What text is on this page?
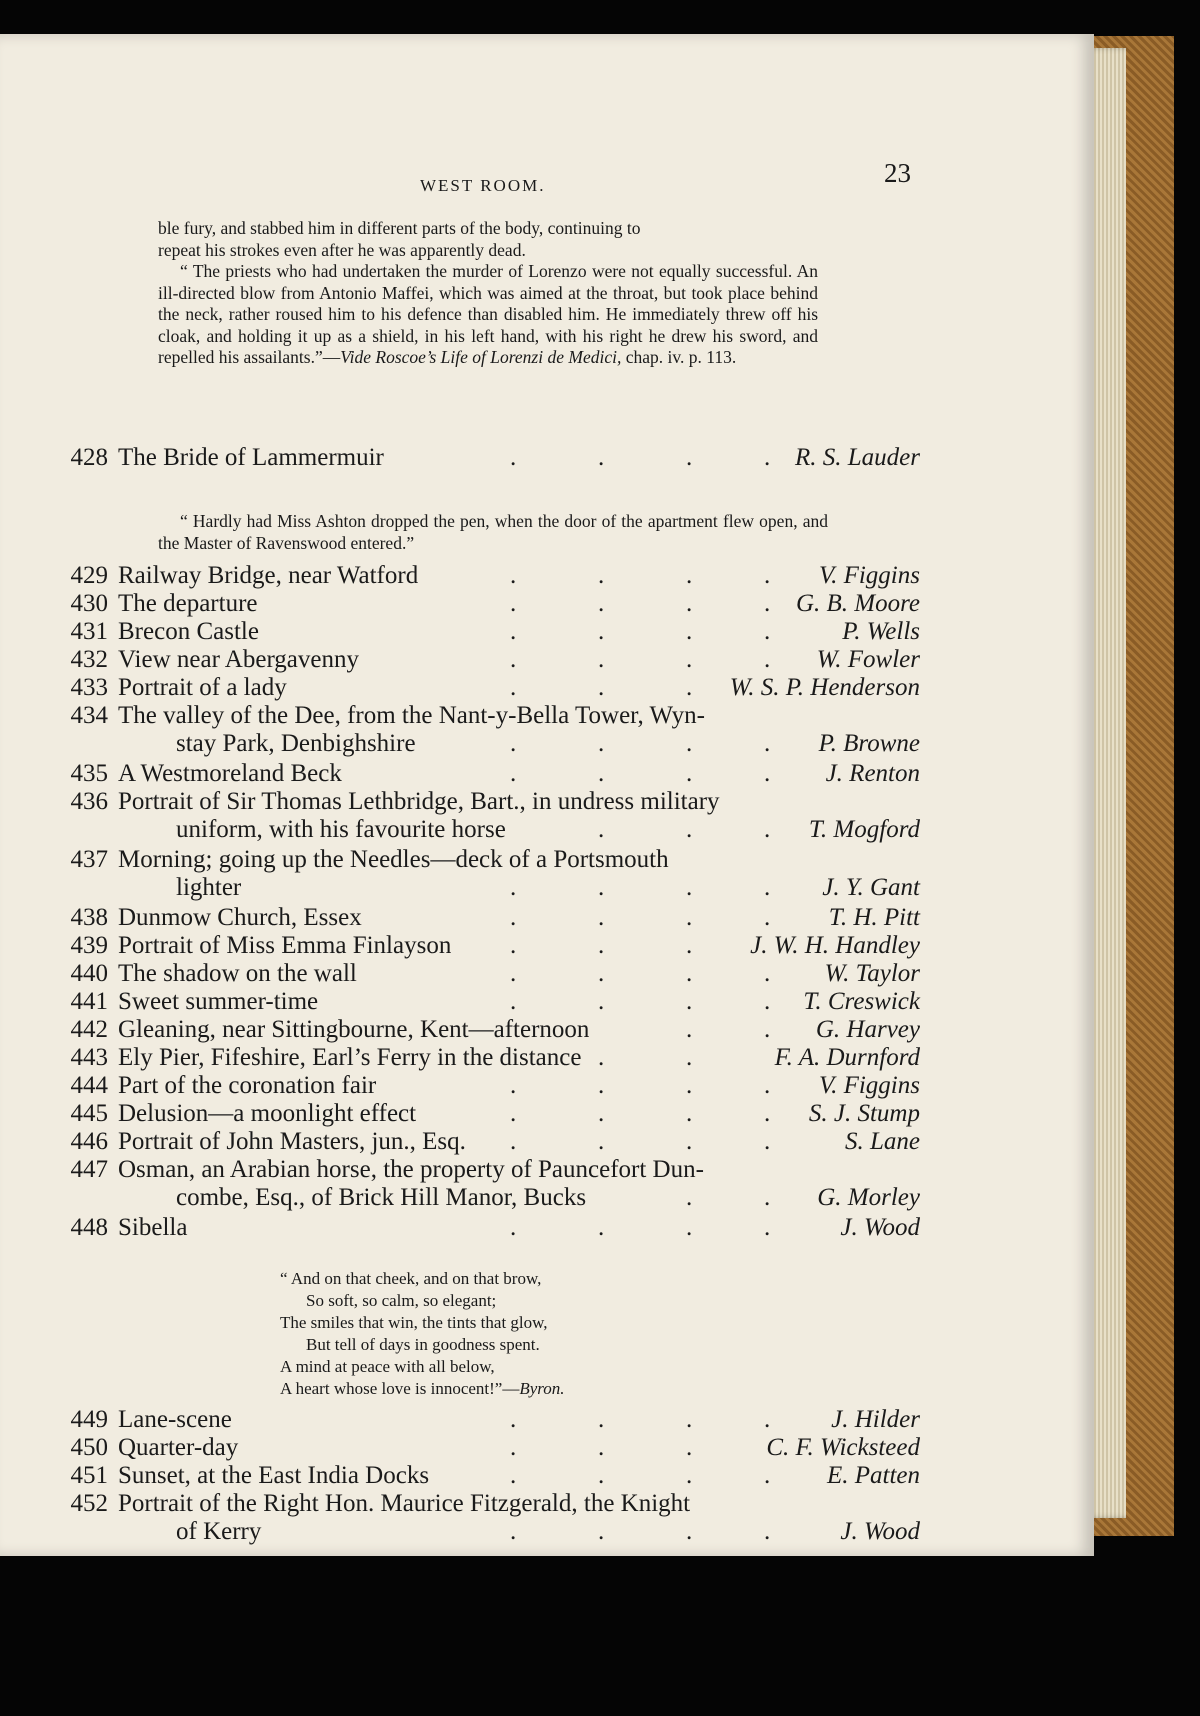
WEST ROOM.	23

ble fury, and stabbed him in different parts of the body, continuing to

repeat his strokes even after he was apparently dead.

“ The priests who had undertaken the murder of Lorenzo were not equally successful. An ill-directed blow from Antonio Maffei, which was aimed at the throat, but took place behind the neck, rather roused him to his defence than disabled him. He immediately threw off his cloak, and holding it up as a shield, in his left hand, with his right he drew his sword, and repelled his assailants.”—Vide Roscoe’s Life of Lorenzi de Medici, chap. iv. p. 113.

428 The Bride of Lammermuir	R. S. Lauder
.	.	.	.
429 Railway Bridge, near Watford	V. Figgins
.	.	.	.
430 The departure	G. B. Moore
.	.	.	.
431 Brecon Castle	P. Wells
.	.	.	.
432 View near Abergavenny	W. Fowler
.	.	.	.
433 Portrait of a lady	W. S. P. Henderson
.	.	.
434 The valley of the Dee, from the Nant-y-Bella Tower, Wyn-
stay Park, Denbighshire	P. Browne
.	.	.	.
435 A Westmoreland Beck	J. Renton
.	.	.	.
436 Portrait of Sir Thomas Lethbridge, Bart., in undress military
uniform, with his favourite horse	T. Mogford
.	.	.
437 Morning; going up the Needles—deck of a Portsmouth
lighter	J. Y. Gant
.	.	.	.
438 Dunmow Church, Essex	T. H. Pitt
.	.	.	.
439 Portrait of Miss Emma Finlayson	J. W. H. Handley
.	.	.
440 The shadow on the wall	W. Taylor
.	.	.	.
441 Sweet summer-time	T. Creswick
.	.	.	.
442 Gleaning, near Sittingbourne, Kent—afternoon	G. Harvey
.	.
443 Ely Pier, Fifeshire, Earl’s Ferry in the distance	F. A. Durnford
.	.
444 Part of the coronation fair	V. Figgins
.	.	.	.
445 Delusion—a moonlight effect	S. J. Stump
.	.	.	.
446 Portrait of John Masters, jun., Esq.	S. Lane
.	.	.	.
447 Osman, an Arabian horse, the property of Pauncefort Dun-
combe, Esq., of Brick Hill Manor, Bucks	G. Morley
.	.
448 Sibella	J. Wood
.	.	.	.
449 Lane-scene	J. Hilder
.	.	.	.
450 Quarter-day	C. F. Wicksteed
.	.	.
451 Sunset, at the East India Docks	E. Patten
.	.	.	.
452 Portrait of the Right Hon. Maurice Fitzgerald, the Knight
of Kerry	J. Wood
.	.	.	.

“ Hardly had Miss Ashton dropped the pen, when the door of the apartment flew open, and the Master of Ravenswood entered.”

“ And on that cheek, and on that brow,
So soft, so calm, so elegant;
The smiles that win, the tints that glow,
But tell of days in goodness spent.
A mind at peace with all below,
A heart whose love is innocent!”—Byron.
